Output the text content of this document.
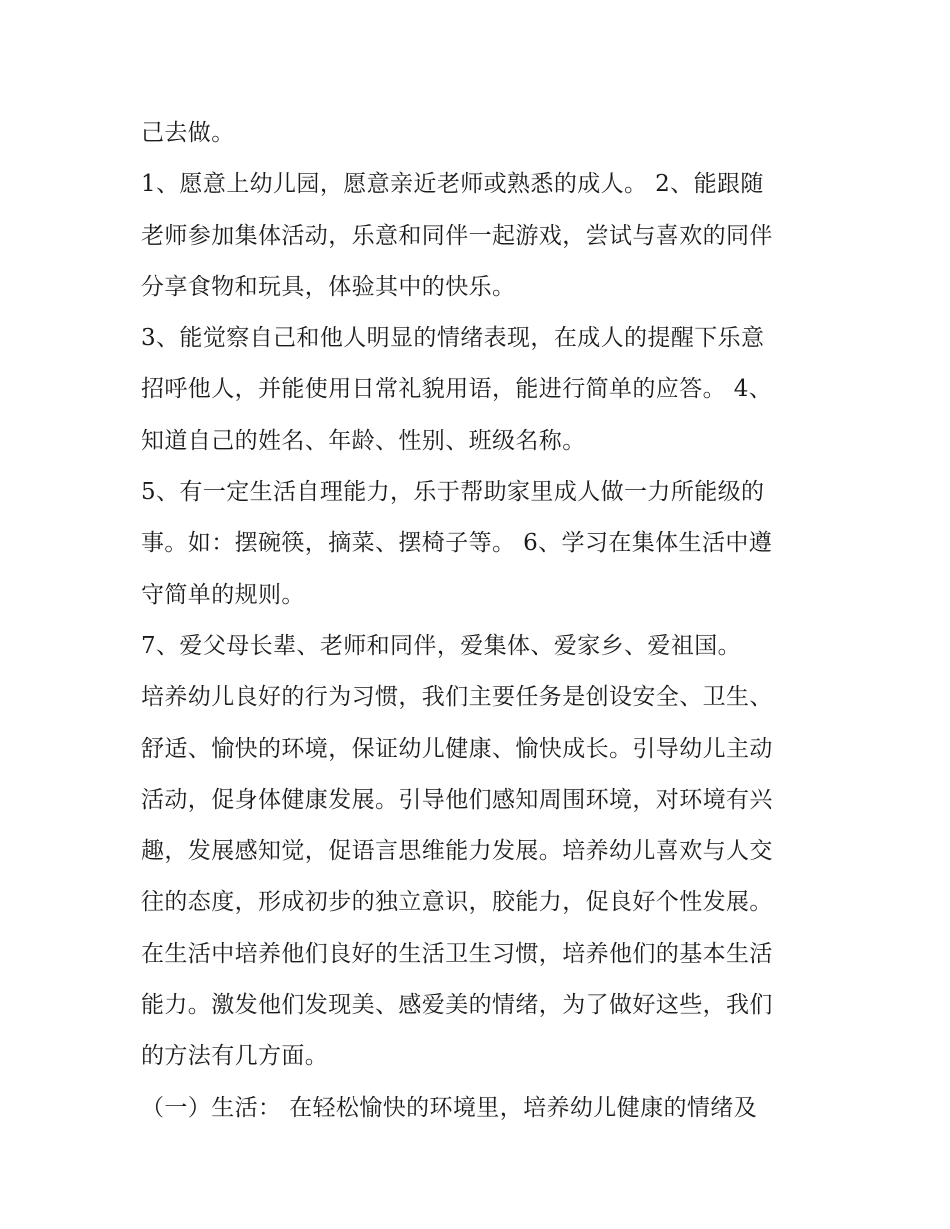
己去做。
1、愿意上幼儿园，愿意亲近老师或熟悉的成人。 2、能跟随
老师参加集体活动，乐意和同伴一起游戏，尝试与喜欢的同伴
分享食物和玩具，体验其中的快乐。
3、能觉察自己和他人明显的情绪表现，在成人的提醒下乐意
招呼他人，并能使用日常礼貌用语，能进行简单的应答。 4、
知道自己的姓名、年龄、性别、班级名称。
5、有一定生活自理能力，乐于帮助家里成人做一力所能级的
事。如：摆碗筷，摘菜、摆椅子等。 6、学习在集体生活中遵
守简单的规则。
7、爱父母长辈、老师和同伴，爱集体、爱家乡、爱祖国。
培养幼儿良好的行为习惯，我们主要任务是创设安全、卫生、
舒适、愉快的环境，保证幼儿健康、愉快成长。引导幼儿主动
活动，促身体健康发展。引导他们感知周围环境，对环境有兴
趣，发展感知觉，促语言思维能力发展。培养幼儿喜欢与人交
往的态度，形成初步的独立意识，胶能力，促良好个性发展。
在生活中培养他们良好的生活卫生习惯，培养他们的基本生活
能力。激发他们发现美、感爱美的情绪，为了做好这些，我们
的方法有几方面。
（一）生活： 在轻松愉快的环境里，培养幼儿健康的情绪及
